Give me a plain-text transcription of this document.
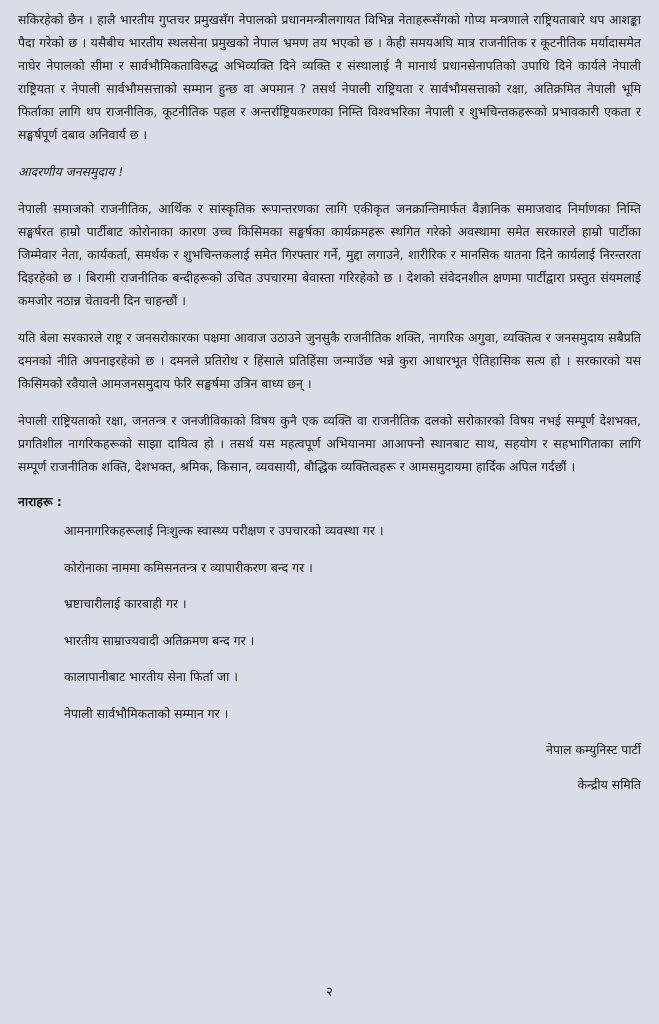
सकिरहेको छैन । हालै भारतीय गुप्तचर प्रमुखसँग नेपालको प्रधानमन्त्रीलगायत विभिन्न नेताहरूसँगको गोप्य मन्त्रणाले राष्ट्रियताबारे थप आशङ्का पैदा गरेको छ । यसैबीच भारतीय स्थलसेना प्रमुखको नेपाल भ्रमण तय भएको छ । केही समयअघि मात्र राजनीतिक र कूटनीतिक मर्यादासमेत नाघेर नेपालको सीमा र सार्वभौमिकताविरुद्ध अभिव्यक्ति दिने व्यक्ति र संस्थालाई नै मानार्थ प्रधानसेनापतिको उपाधि दिने कार्यले नेपाली राष्ट्रियता र नेपाली सार्वभौमसत्ताको सम्मान हुन्छ वा अपमान ? तसर्थ नेपाली राष्ट्रियता र सार्वभौमसत्ताको रक्षा, अतिक्रमित नेपाली भूमि फिर्ताका लागि थप राजनीतिक, कूटनीतिक पहल र अन्तर्राष्ट्रियकरणका निम्ति विश्वभरिका नेपाली र शुभचिन्तकहरूको प्रभावकारी एकता र सङ्घर्षपूर्ण दबाव अनिवार्य छ ।

आदरणीय जनसमुदाय !

नेपाली समाजको राजनीतिक, आर्थिक र सांस्कृतिक रूपान्तरणका लागि एकीकृत जनक्रान्तिमार्फत वैज्ञानिक समाजवाद निर्माणका निम्ति सङ्घर्षरत हाम्रो पार्टीबाट कोरोनाका कारण उच्च किसिमका सङ्घर्षका कार्यक्रमहरू स्थगित गरेको अवस्थामा समेत सरकारले हाम्रो पार्टीका जिम्मेवार नेता, कार्यकर्ता, समर्थक र शुभचिन्तकलाई समेत गिरफ्तार गर्ने, मुद्दा लगाउने, शारीरिक र मानसिक यातना दिने कार्यलाई निरन्तरता दिइरहेको छ । बिरामी राजनीतिक बन्दीहरूको उचित उपचारमा बेवास्ता गरिरहेको छ । देशको संवेदनशील क्षणमा पार्टीद्वारा प्रस्तुत संयमलाई कमजोर नठान्न चेतावनी दिन चाहन्छौं ।

यति बेला सरकारले राष्ट्र र जनसरोकारका पक्षमा आवाज उठाउने जुनसुकै राजनीतिक शक्ति, नागरिक अगुवा, व्यक्तित्व र जनसमुदाय सबैप्रति दमनको नीति अपनाइरहेको छ । दमनले प्रतिरोध र हिंसाले प्रतिहिंसा जन्माउँछ भन्ने कुरा आधारभूत ऐतिहासिक सत्य हो । सरकारको यस किसिमको रवैयाले आमजनसमुदाय फेरि सङ्घर्षमा उत्रिन बाध्य छन् ।

नेपाली राष्ट्रियताको रक्षा, जनतन्त्र र जनजीविकाको विषय कुनै एक व्यक्ति वा राजनीतिक दलको सरोकारको विषय नभई सम्पूर्ण देशभक्त, प्रगतिशील नागरिकहरूको साझा दायित्व हो । तसर्थ यस महत्वपूर्ण अभियानमा आआफ्नो स्थानबाट साथ, सहयोग र सहभागिताका लागि सम्पूर्ण राजनीतिक शक्ति, देशभक्त, श्रमिक, किसान, व्यवसायी, बौद्धिक व्यक्तित्वहरू र आमसमुदायमा हार्दिक अपिल गर्दछौं ।

नाराहरू :
आमनागरिकहरूलाई निःशुल्क स्वास्थ्य परीक्षण र उपचारको व्यवस्था गर ।
कोरोनाका नाममा कमिसनतन्त्र र व्यापारीकरण बन्द गर ।
भ्रष्टाचारीलाई कारबाही गर ।
भारतीय साम्राज्यवादी अतिक्रमण बन्द गर ।
कालापानीबाट भारतीय सेना फिर्ता जा ।
नेपाली सार्वभौमिकताको सम्मान गर ।
नेपाल कम्युनिस्ट पार्टी
केन्द्रीय समिति
२
